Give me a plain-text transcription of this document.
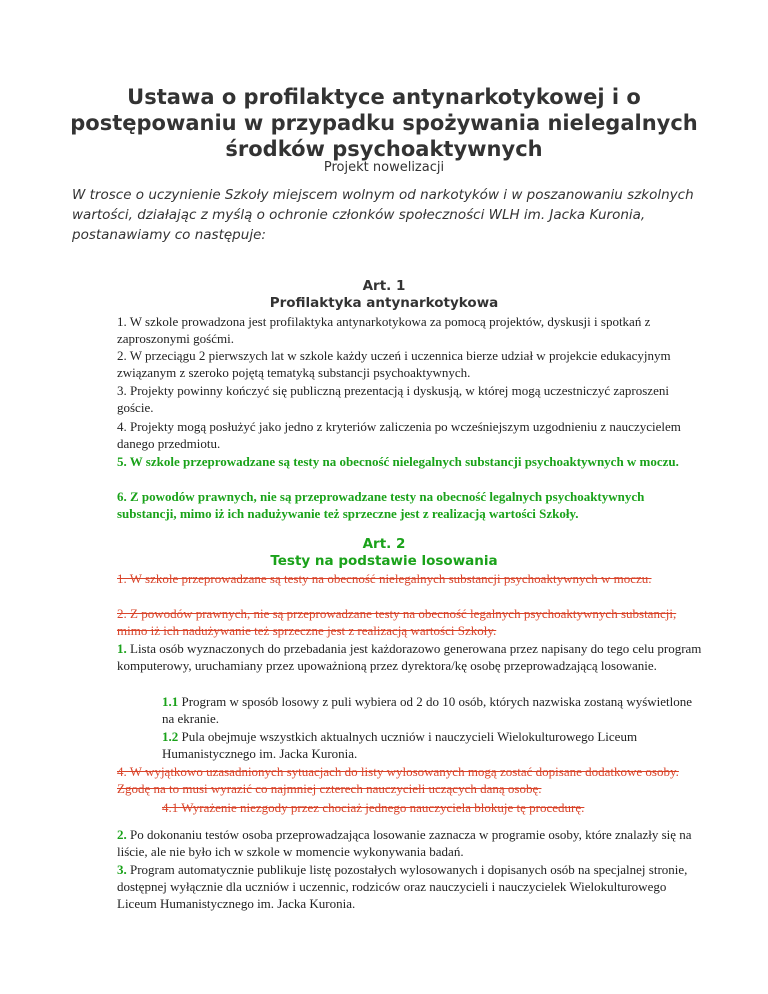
Ustawa o profilaktyce antynarkotykowej i o postępowaniu w przypadku spożywania nielegalnych środków psychoaktywnych
Projekt nowelizacji
W trosce o uczynienie Szkoły miejscem wolnym od narkotyków i w poszanowaniu szkolnych wartości, działając z myślą o ochronie członków społeczności WLH im. Jacka Kuronia, postanawiamy co następuje:
Art. 1
Profilaktyka antynarkotykowa
1. W szkole prowadzona jest profilaktyka antynarkotykowa za pomocą projektów, dyskusji i spotkań z zaproszonymi gośćmi.
2. W przeciągu 2 pierwszych lat w szkole każdy uczeń i uczennica bierze udział w projekcie edukacyjnym związanym z szeroko pojętą tematyką substancji psychoaktywnych.
3. Projekty powinny kończyć się publiczną prezentacją i dyskusją, w której mogą uczestniczyć zaproszeni goście.
4. Projekty mogą posłużyć jako jedno z kryteriów zaliczenia po wcześniejszym uzgodnieniu z nauczycielem danego przedmiotu.
5. W szkole przeprowadzane są testy na obecność nielegalnych substancji psychoaktywnych w moczu.
6. Z powodów prawnych, nie są przeprowadzane testy na obecność legalnych psychoaktywnych substancji, mimo iż ich nadużywanie też sprzeczne jest z realizacją wartości Szkoły.
Art. 2
Testy na podstawie losowania
1. W szkole przeprowadzane są testy na obecność nielegalnych substancji psychoaktywnych w moczu.
2. Z powodów prawnych, nie są przeprowadzane testy na obecność legalnych psychoaktywnych substancji, mimo iż ich nadużywanie też sprzeczne jest z realizacją wartości Szkoły.
1. Lista osób wyznaczonych do przebadania jest każdorazowo generowana przez napisany do tego celu program komputerowy, uruchamiany przez upoważnioną przez dyrektora/kę osobę przeprowadzającą losowanie.
1.1 Program w sposób losowy z puli wybiera od 2 do 10 osób, których nazwiska zostaną wyświetlone na ekranie.
1.2 Pula obejmuje wszystkich aktualnych uczniów i nauczycieli Wielokulturowego Liceum Humanistycznego im. Jacka Kuronia.
4. W wyjątkowo uzasadnionych sytuacjach do listy wylosowanych mogą zostać dopisane dodatkowe osoby. Zgodę na to musi wyrazić co najmniej czterech nauczycieli uczących daną osobę.
4.1 Wyrażenie niezgody przez chociaż jednego nauczyciela blokuje tę procedurę.
2. Po dokonaniu testów osoba przeprowadzająca losowanie zaznacza w programie osoby, które znalazły się na liście, ale nie było ich w szkole w momencie wykonywania badań.
3. Program automatycznie publikuje listę pozostałych wylosowanych i dopisanych osób na specjalnej stronie, dostępnej wyłącznie dla uczniów i uczennic, rodziców oraz nauczycieli i nauczycielek Wielokulturowego Liceum Humanistycznego im. Jacka Kuronia.
